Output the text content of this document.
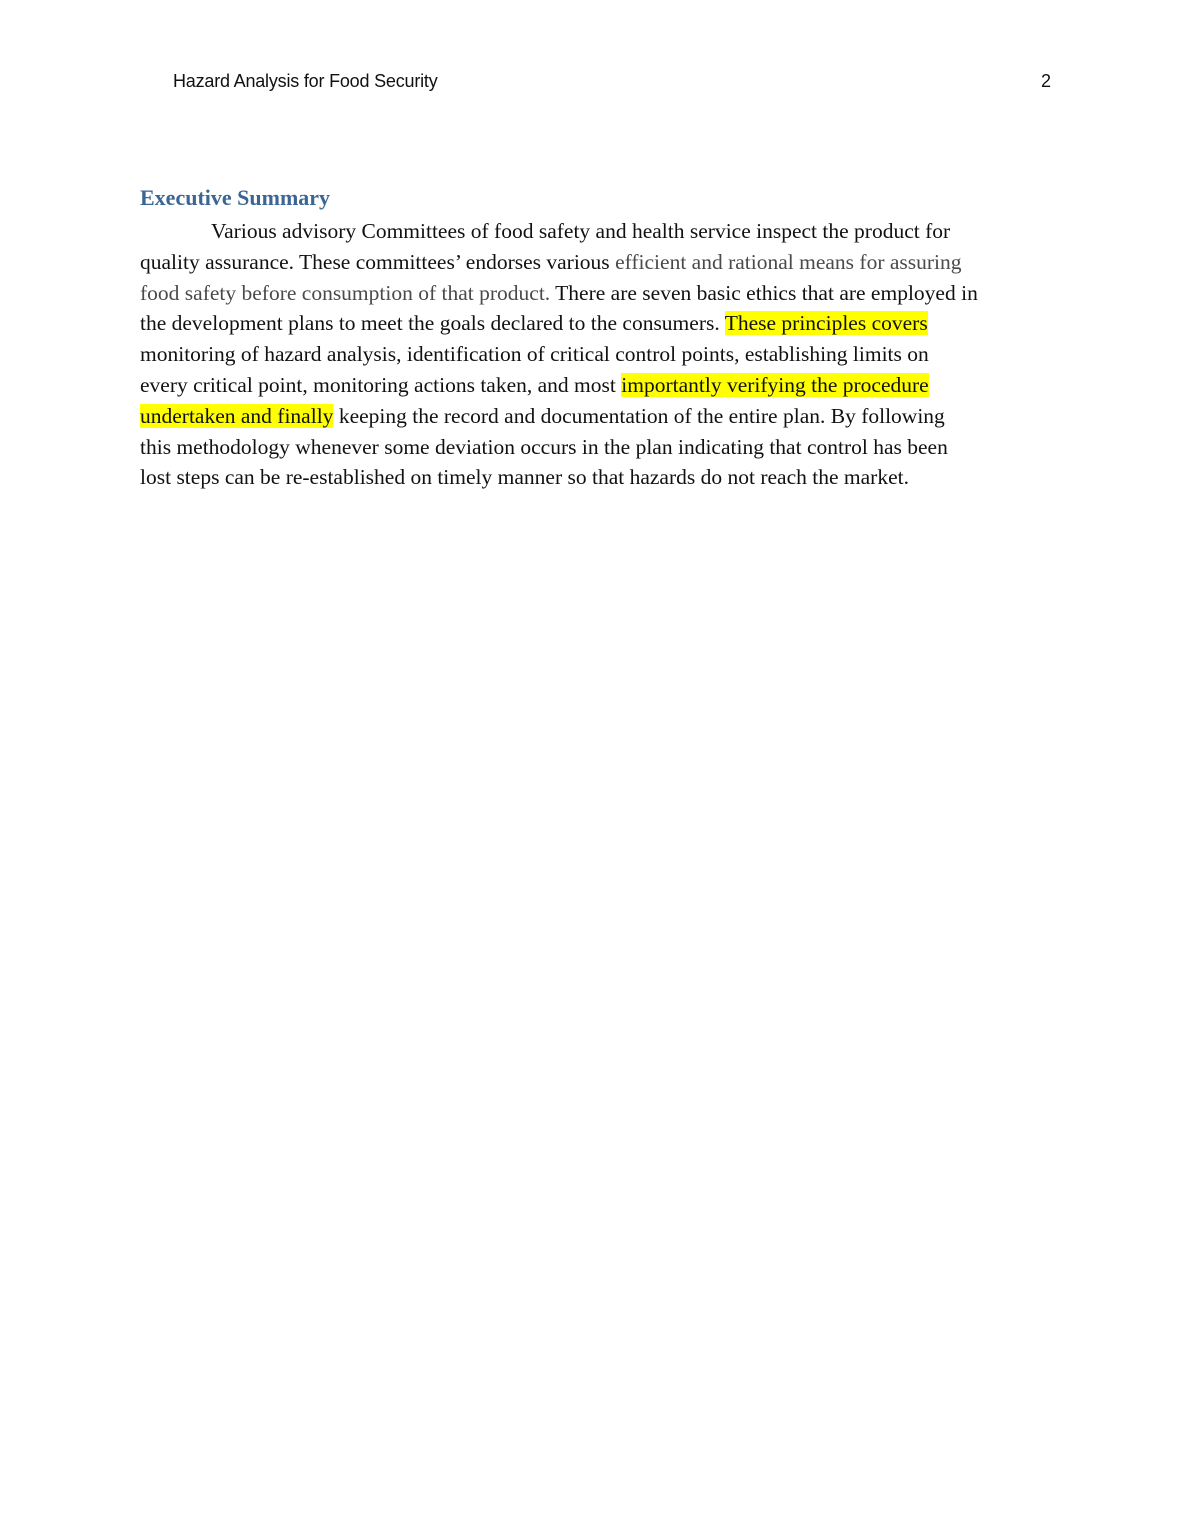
Hazard Analysis for Food Security	2
Executive Summary
Various advisory Committees of food safety and health service inspect the product for
quality assurance. These committees’ endorses various efficient and rational means for assuring
food safety before consumption of that product. There are seven basic ethics that are employed in
the development plans to meet the goals declared to the consumers. These principles covers
monitoring of hazard analysis, identification of critical control points, establishing limits on
every critical point, monitoring actions taken, and most importantly verifying the procedure
undertaken and finally keeping the record and documentation of the entire plan. By following
this methodology whenever some deviation occurs in the plan indicating that control has been
lost steps can be re-established on timely manner so that hazards do not reach the market.
